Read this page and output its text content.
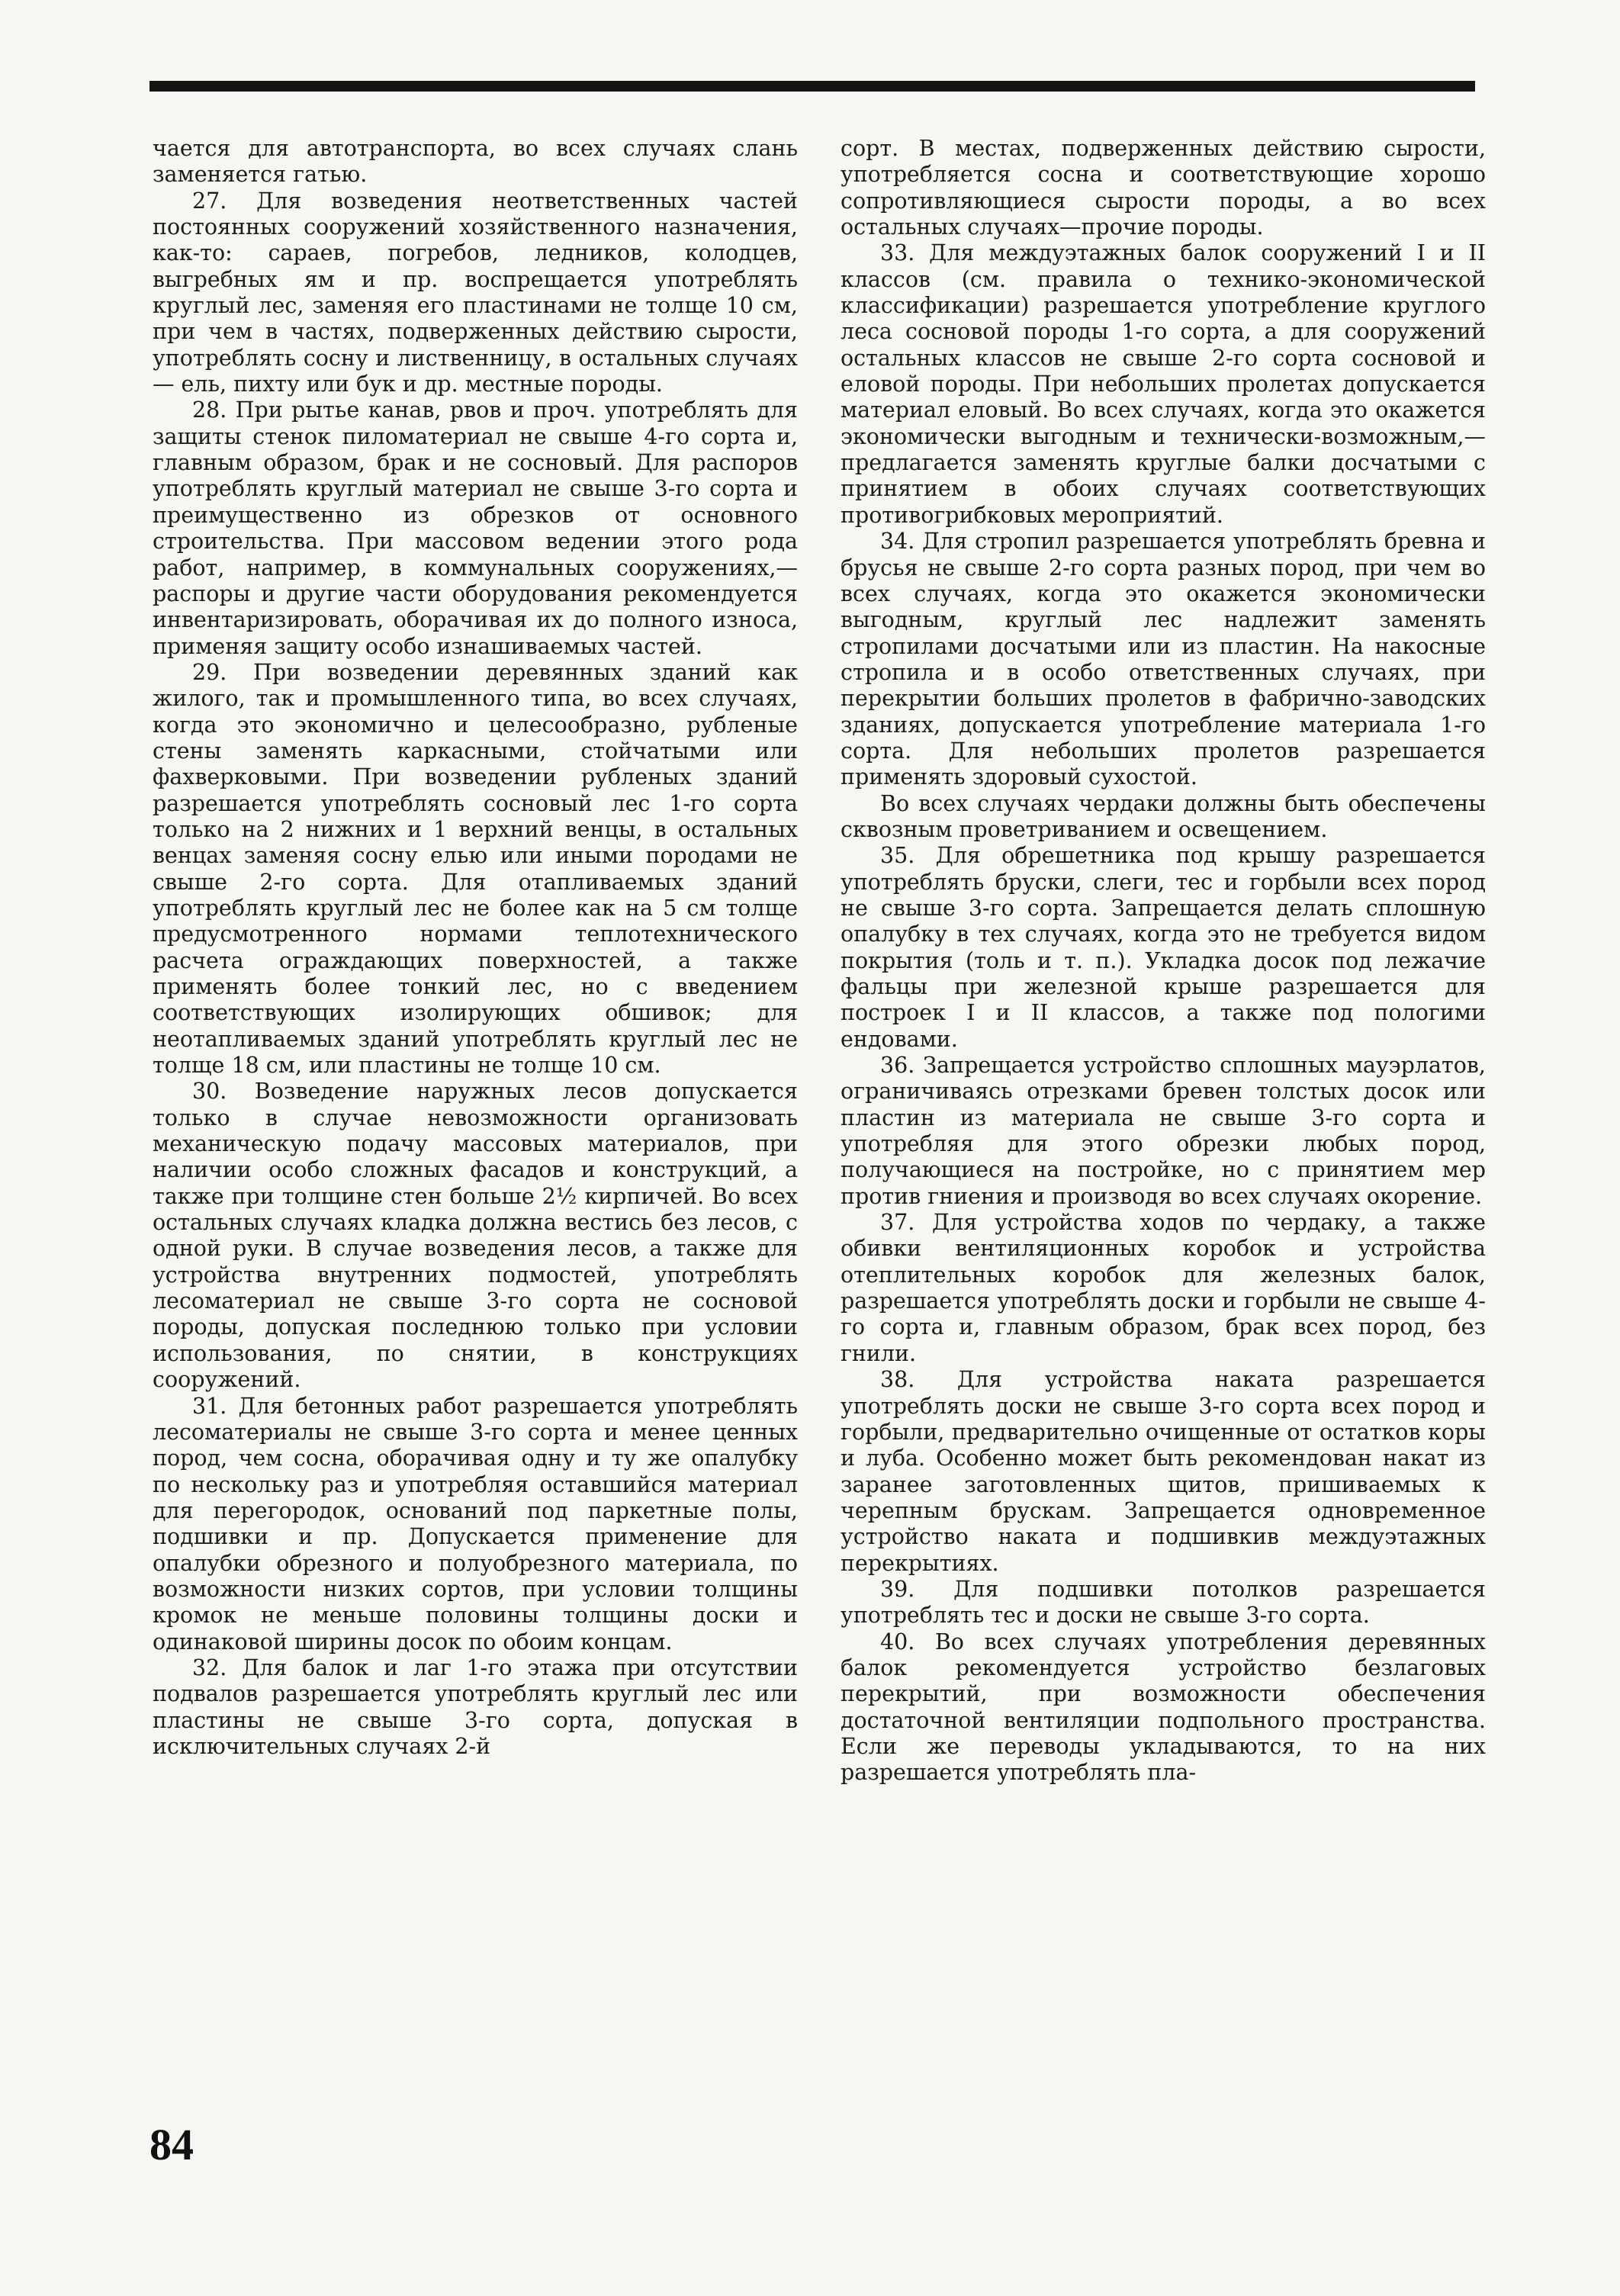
чается для автотранспорта, во всех случаях слань заменяется гатью.

27. Для возведения неответственных частей постоянных сооружений хозяйственного назначения, как-то: сараев, погребов, ледников, колодцев, выгребных ям и пр. воспрещается употреблять круглый лес, заменяя его пластинами не толще 10 см, при чем в частях, подверженных действию сырости, употреблять сосну и лиственницу, в остальных случаях— ель, пихту или бук и др. местные породы.

28. При рытье канав, рвов и проч. употреблять для защиты стенок пиломатериал не свыше 4-го сорта и, главным образом, брак и не сосновый. Для распоров употреблять круглый материал не свыше 3-го сорта и преимущественно из обрезков от основного строительства. При массовом ведении этого рода работ, например, в коммунальных сооружениях,—распоры и другие части оборудования рекомендуется инвентаризировать, оборачивая их до полного износа, применяя защиту особо изнашиваемых частей.

29. При возведении деревянных зданий как жилого, так и промышленного типа, во всех случаях, когда это экономично и целесообразно, рубленые стены заменять каркасными, стойчатыми или фахверковыми. При возведении рубленых зданий разрешается употреблять сосновый лес 1-го сорта только на 2 нижних и 1 верхний венцы, в остальных венцах заменяя сосну елью или иными породами не свыше 2-го сорта. Для отапливаемых зданий употреблять круглый лес не более как на 5 см толще предусмотренного нормами теплотехнического расчета ограждающих поверхностей, а также применять более тонкий лес, но с введением соответствующих изолирующих обшивок; для неотапливаемых зданий употреблять круглый лес не толще 18 см, или пластины не толще 10 см.

30. Возведение наружных лесов допускается только в случае невозможности организовать механическую подачу массовых материалов, при наличии особо сложных фасадов и конструкций, а также при толщине стен больше 2½ кирпичей. Во всех остальных случаях кладка должна вестись без лесов, с одной руки. В случае возведения лесов, а также для устройства внутренних подмостей, употреблять лесоматериал не свыше 3-го сорта не сосновой породы, допуская последнюю только при условии использования, по снятии, в конструкциях сооружений.

31. Для бетонных работ разрешается употреблять лесоматериалы не свыше 3-го сорта и менее ценных пород, чем сосна, оборачивая одну и ту же опалубку по нескольку раз и употребляя оставшийся материал для перегородок, оснований под паркетные полы, подшивки и пр. Допускается применение для опалубки обрезного и полуобрезного материала, по возможности низких сортов, при условии толщины кромок не меньше половины толщины доски и одинаковой ширины досок по обоим концам.

32. Для балок и лаг 1-го этажа при отсутствии подвалов разрешается употреблять круглый лес или пластины не свыше 3-го сорта, допуская в исключительных случаях 2-й

сорт. В местах, подверженных действию сырости, употребляется сосна и соответствующие хорошо сопротивляющиеся сырости породы, а во всех остальных случаях—прочие породы.

33. Для междуэтажных балок сооружений I и II классов (см. правила о технико-экономической классификации) разрешается употребление круглого леса сосновой породы 1-го сорта, а для сооружений остальных классов не свыше 2-го сорта сосновой и еловой породы. При небольших пролетах допускается материал еловый. Во всех случаях, когда это окажется экономически выгодным и технически-возможным,—предлагается заменять круглые балки досчатыми с принятием в обоих случаях соответствующих противогрибковых мероприятий.

34. Для стропил разрешается употреблять бревна и брусья не свыше 2-го сорта разных пород, при чем во всех случаях, когда это окажется экономически выгодным, круглый лес надлежит заменять стропилами досчатыми или из пластин. На накосные стропила и в особо ответственных случаях, при перекрытии больших пролетов в фабрично-заводских зданиях, допускается употребление материала 1-го сорта. Для небольших пролетов разрешается применять здоровый сухостой.

Во всех случаях чердаки должны быть обеспечены сквозным проветриванием и освещением.

35. Для обрешетника под крышу разрешается употреблять бруски, слеги, тес и горбыли всех пород не свыше 3-го сорта. Запрещается делать сплошную опалубку в тех случаях, когда это не требуется видом покрытия (толь и т. п.). Укладка досок под лежачие фальцы при железной крыше разрешается для построек I и II классов, а также под пологими ендовами.

36. Запрещается устройство сплошных мауэрлатов, ограничиваясь отрезками бревен толстых досок или пластин из материала не свыше 3-го сорта и употребляя для этого обрезки любых пород, получающиеся на постройке, но с принятием мер против гниения и производя во всех случаях окорение.

37. Для устройства ходов по чердаку, а также обивки вентиляционных коробок и устройства отеплительных коробок для железных балок, разрешается употреблять доски и горбыли не свыше 4-го сорта и, главным образом, брак всех пород, без гнили.

38. Для устройства наката разрешается употреблять доски не свыше 3-го сорта всех пород и горбыли, предварительно очищенные от остатков коры и луба. Особенно может быть рекомендован накат из заранее заготовленных щитов, пришиваемых к черепным брускам. Запрещается одновременное устройство наката и подшивкив междуэтажных перекрытиях.

39. Для подшивки потолков разрешается употреблять тес и доски не свыше 3-го сорта.

40. Во всех случаях употребления деревянных балок рекомендуется устройство безлаговых перекрытий, при возможности обеспечения достаточной вентиляции подпольного пространства. Если же переводы укладываются, то на них разрешается употреблять пла-

84
